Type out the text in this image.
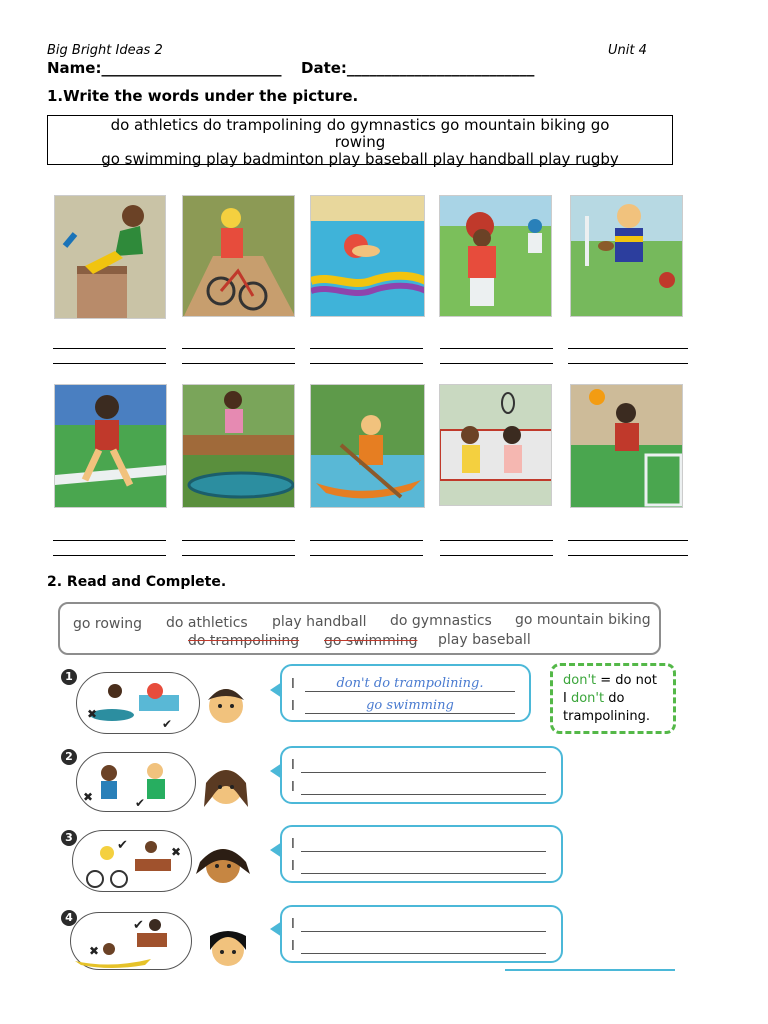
Big Bright Ideas 2	Unit 4
Name:________________________ Date:_________________________
1.Write the words under the picture.
do athletics do trampolining do gymnastics go mountain biking go
rowing
go swimming play badminton play baseball play handball play rugby
2. Read and Complete.
go rowing do athletics play handball do gymnastics go mountain biking
do trampolining go swimming play baseball
1
✖
✔
I	don't do trampolining.
I	go swimming
don't = do not
I don't do
trampolining.
2
✖	✔
I
I
3
✔	✖	I
I
4
✖
✔	I
I
